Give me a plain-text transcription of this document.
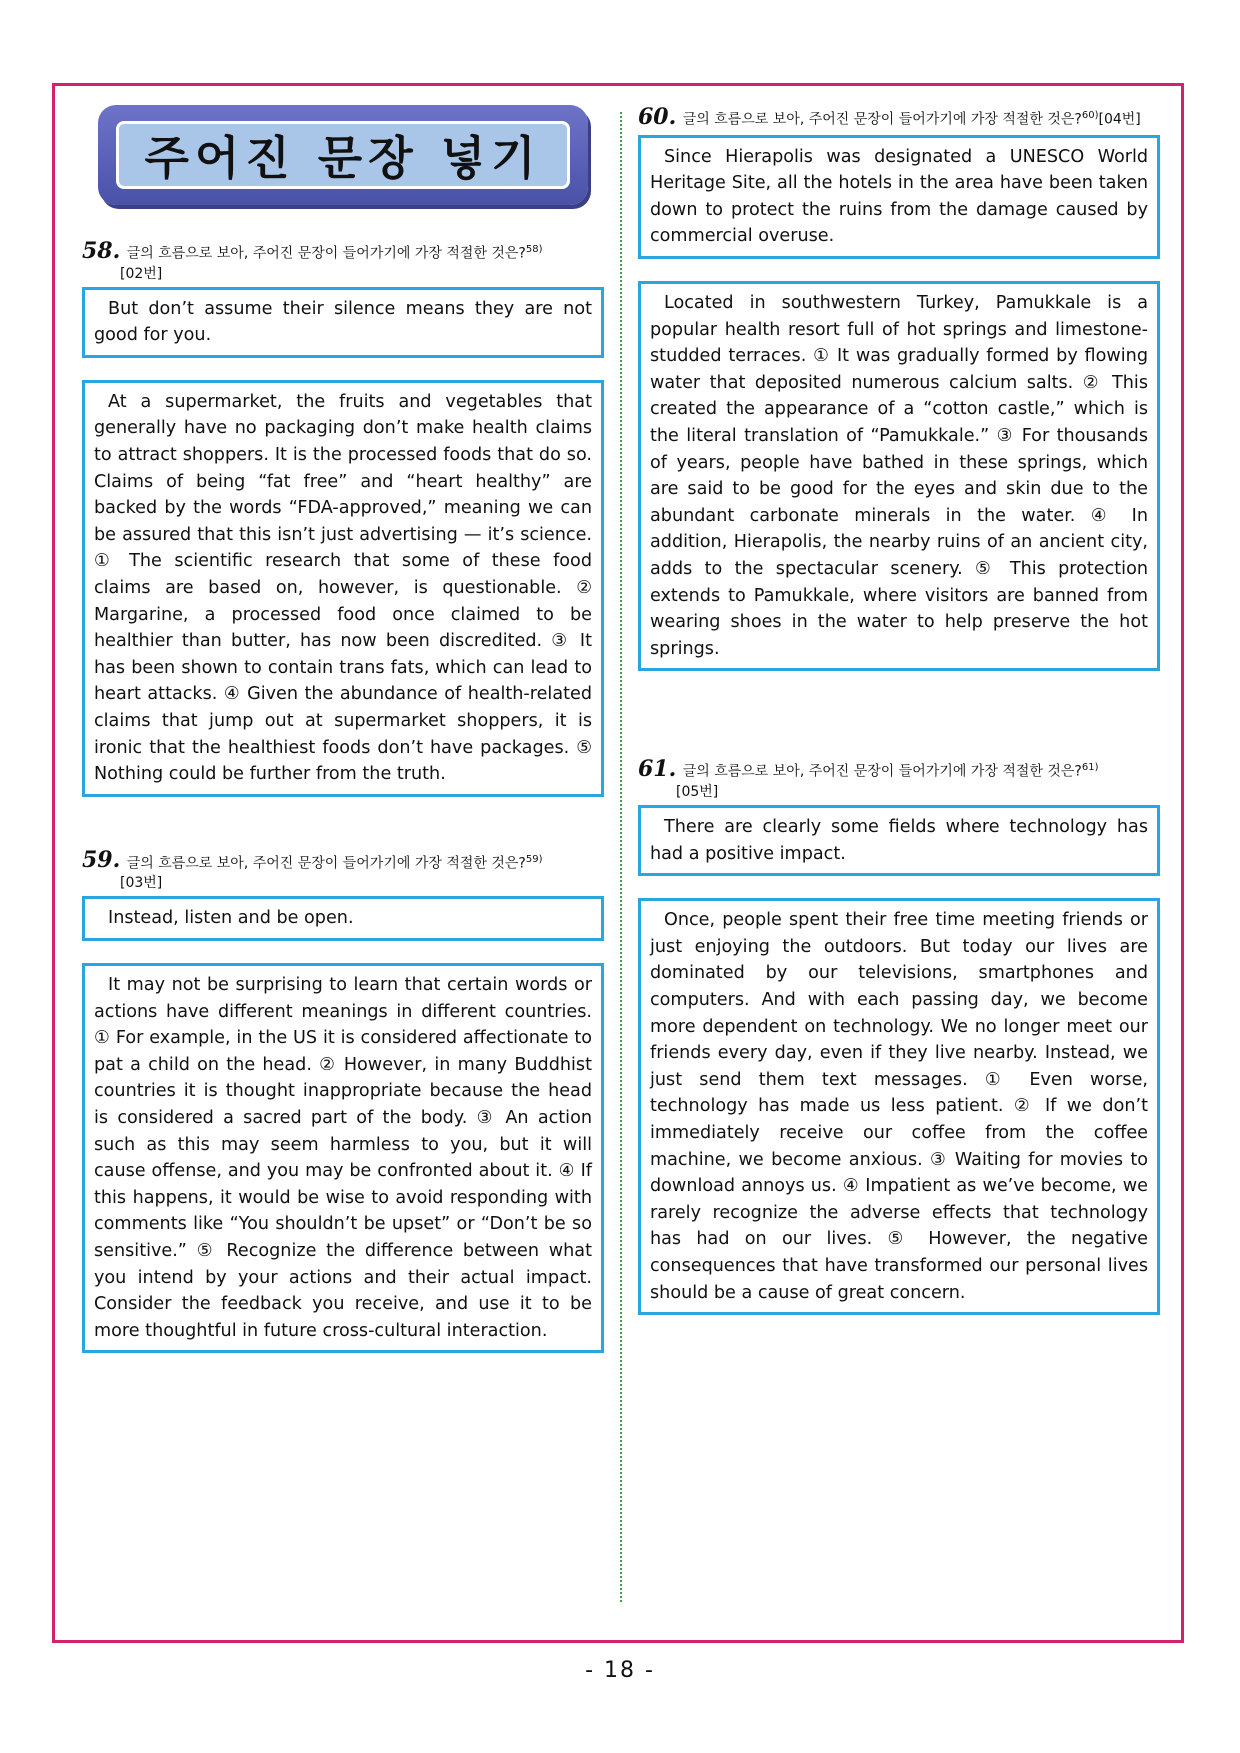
주어진 문장 넣기
58. 글의 흐름으로 보아, 주어진 문장이 들어가기에 가장 적절한 것은?$^{58)}$
[02번]
But don’t assume their silence means they are not good for you.
At a supermarket, the fruits and vegetables that generally have no packaging don’t make health claims to attract shoppers. It is the processed foods that do so. Claims of being “fat free” and “heart healthy” are backed by the words “FDA-approved,” meaning we can be assured that this isn’t just advertising — it’s science. ① The scientific research that some of these food claims are based on, however, is questionable. ② Margarine, a processed food once claimed to be healthier than butter, has now been discredited. ③ It has been shown to contain trans fats, which can lead to heart attacks. ④ Given the abundance of health-related claims that jump out at supermarket shoppers, it is ironic that the healthiest foods don’t have packages. ⑤ Nothing could be further from the truth.
59. 글의 흐름으로 보아, 주어진 문장이 들어가기에 가장 적절한 것은?$^{59)}$
[03번]
Instead, listen and be open.
It may not be surprising to learn that certain words or actions have different meanings in different countries. ① For example, in the US it is considered affectionate to pat a child on the head. ② However, in many Buddhist countries it is thought inappropriate because the head is considered a sacred part of the body. ③ An action such as this may seem harmless to you, but it will cause offense, and you may be confronted about it. ④ If this happens, it would be wise to avoid responding with comments like “You shouldn’t be upset” or “Don’t be so sensitive.” ⑤ Recognize the difference between what you intend by your actions and their actual impact. Consider the feedback you receive, and use it to be more thoughtful in future cross-cultural interaction.
60. 글의 흐름으로 보아, 주어진 문장이 들어가기에 가장 적절한 것은?$^{60)}$[04번]
Since Hierapolis was designated a UNESCO World Heritage Site, all the hotels in the area have been taken down to protect the ruins from the damage caused by commercial overuse.
Located in southwestern Turkey, Pamukkale is a popular health resort full of hot springs and limestone-studded terraces. ① It was gradually formed by flowing water that deposited numerous calcium salts. ② This created the appearance of a “cotton castle,” which is the literal translation of “Pamukkale.” ③ For thousands of years, people have bathed in these springs, which are said to be good for the eyes and skin due to the abundant carbonate minerals in the water. ④ In addition, Hierapolis, the nearby ruins of an ancient city, adds to the spectacular scenery. ⑤ This protection extends to Pamukkale, where visitors are banned from wearing shoes in the water to help preserve the hot springs.
61. 글의 흐름으로 보아, 주어진 문장이 들어가기에 가장 적절한 것은?$^{61)}$
[05번]
There are clearly some fields where technology has had a positive impact.
Once, people spent their free time meeting friends or just enjoying the outdoors. But today our lives are dominated by our televisions, smartphones and computers. And with each passing day, we become more dependent on technology. We no longer meet our friends every day, even if they live nearby. Instead, we just send them text messages. ① Even worse, technology has made us less patient. ② If we don’t immediately receive our coffee from the coffee machine, we become anxious. ③ Waiting for movies to download annoys us. ④ Impatient as we’ve become, we rarely recognize the adverse effects that technology has had on our lives. ⑤ However, the negative consequences that have transformed our personal lives should be a cause of great concern.
- 18 -
